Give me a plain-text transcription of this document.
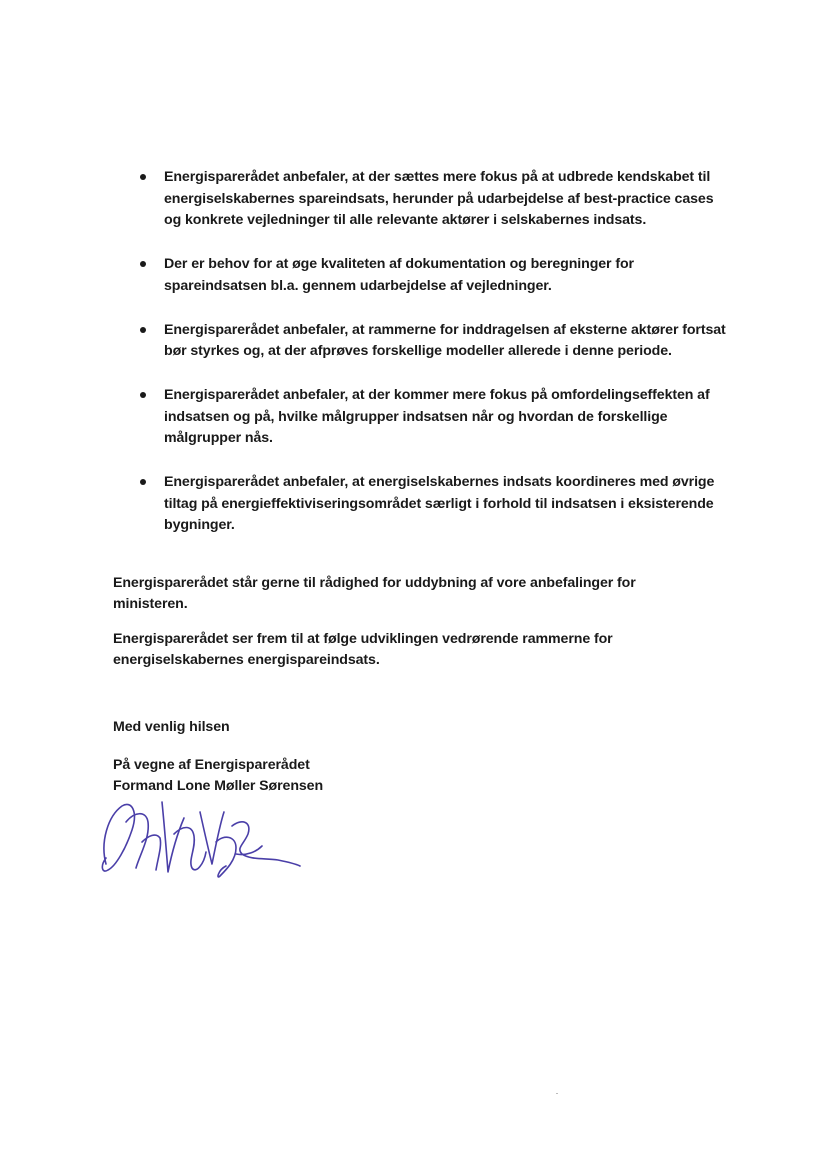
Energisparerådet anbefaler, at der sættes mere fokus på at udbrede kendskabet til energiselskabernes spareindsats, herunder på udarbejdelse af best-practice cases og konkrete vejledninger til alle relevante aktører i selskabernes indsats.
Der er behov for at øge kvaliteten af dokumentation og beregninger for spareindsatsen bl.a. gennem udarbejdelse af vejledninger.
Energisparerådet anbefaler, at rammerne for inddragelsen af eksterne aktører fortsat bør styrkes og, at der afprøves forskellige modeller allerede i denne periode.
Energisparerådet anbefaler, at der kommer mere fokus på omfordelingseffekten af indsatsen og på, hvilke målgrupper indsatsen når og hvordan de forskellige målgrupper nås.
Energisparerådet anbefaler, at energiselskabernes indsats koordineres med øvrige tiltag på energieffektiviseringsområdet særligt i forhold til indsatsen i eksisterende bygninger.

Energisparerådet står gerne til rådighed for uddybning af vore anbefalinger for ministeren.

Energisparerådet ser frem til at følge udviklingen vedrørende rammerne for energiselskabernes energispareindsats.

Med venlig hilsen

På vegne af Energisparerådet
Formand Lone Møller Sørensen
